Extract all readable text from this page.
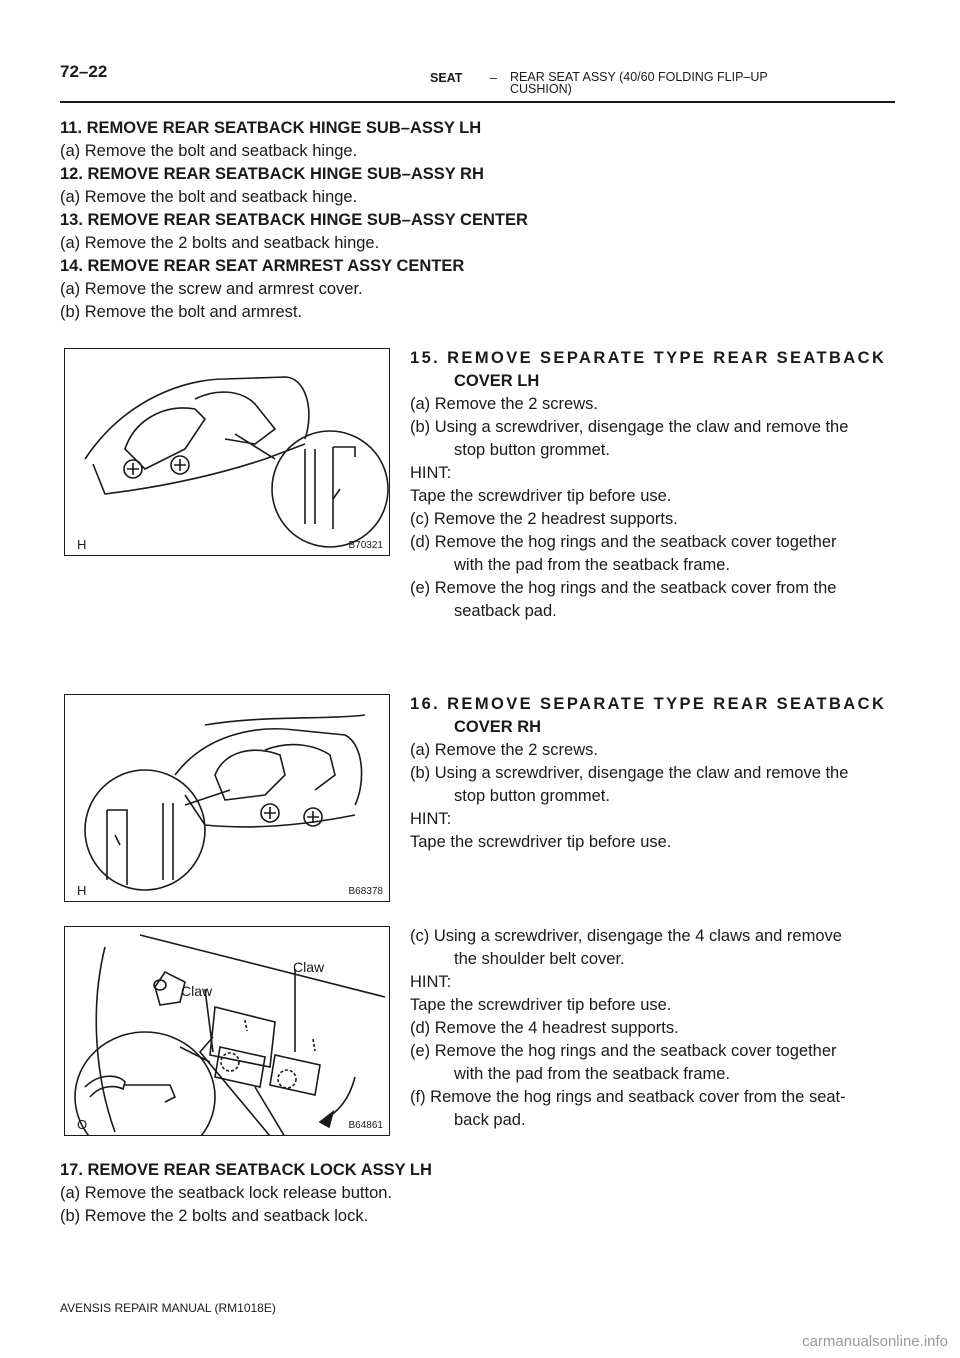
72–22	SEAT – REAR SEAT ASSY (40/60 FOLDING FLIP–UP
CUSHION)
11. REMOVE REAR SEATBACK HINGE SUB–ASSY LH
(a) Remove the bolt and seatback hinge.
12. REMOVE REAR SEATBACK HINGE SUB–ASSY RH
(a) Remove the bolt and seatback hinge.
13. REMOVE REAR SEATBACK HINGE SUB–ASSY CENTER
(a) Remove the 2 bolts and seatback hinge.
14. REMOVE REAR SEAT ARMREST ASSY CENTER
(a) Remove the screw and armrest cover.
(b) Remove the bolt and armrest.
H	B70321
15. REMOVE SEPARATE TYPE REAR SEATBACK
COVER LH
(a) Remove the 2 screws.
(b) Using a screwdriver, disengage the claw and remove the
stop button grommet.
HINT:
Tape the screwdriver tip before use.
(c) Remove the 2 headrest supports.
(d) Remove the hog rings and the seatback cover together
with the pad from the seatback frame.
(e) Remove the hog rings and the seatback cover from the
seatback pad.
H	B68378
16. REMOVE SEPARATE TYPE REAR SEATBACK
COVER RH
(a) Remove the 2 screws.
(b) Using a screwdriver, disengage the claw and remove the
stop button grommet.
HINT:
Tape the screwdriver tip before use.
Claw
Claw
O	B64861
(c) Using a screwdriver, disengage the 4 claws and remove
the shoulder belt cover.
HINT:
Tape the screwdriver tip before use.
(d) Remove the 4 headrest supports.
(e) Remove the hog rings and the seatback cover together
with the pad from the seatback frame.
(f) Remove the hog rings and seatback cover from the seat-
back pad.
17. REMOVE REAR SEATBACK LOCK ASSY LH
(a) Remove the seatback lock release button.
(b) Remove the 2 bolts and seatback lock.
AVENSIS REPAIR MANUAL (RM1018E)
carmanualsonline.info
